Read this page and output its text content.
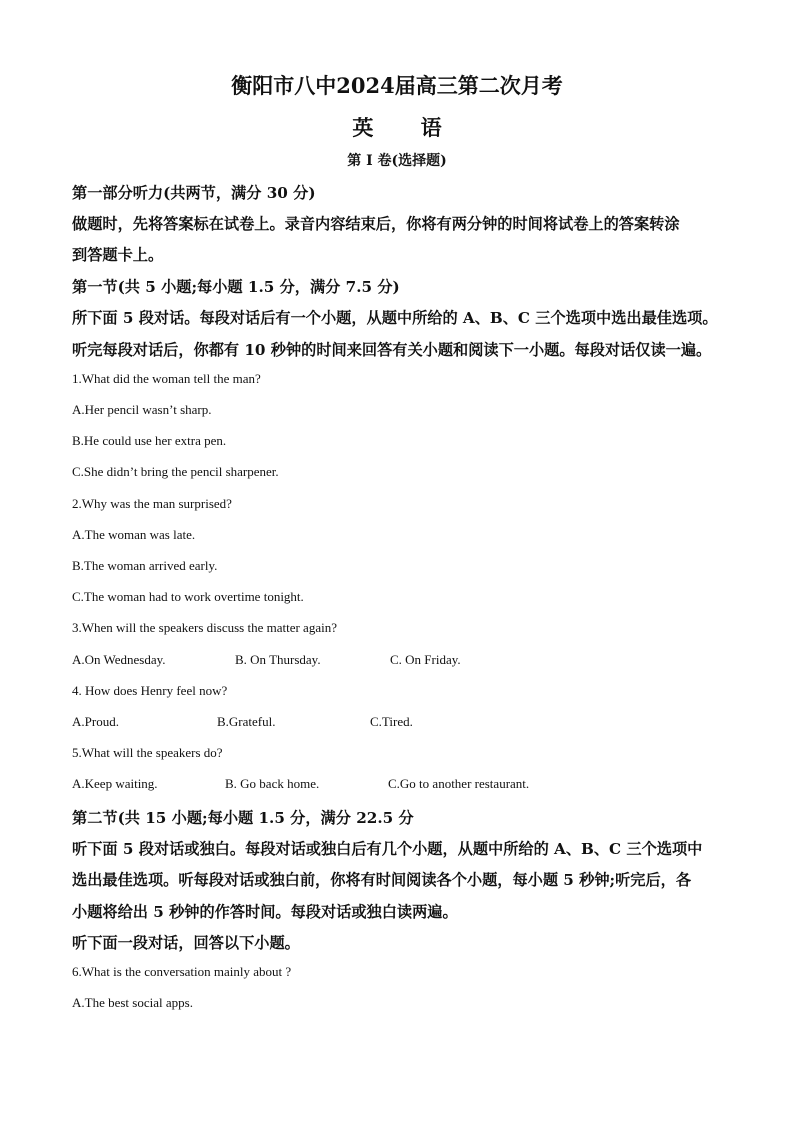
衡阳市八中2024届高三第二次月考
英 语
第 I 卷(选择题)
第一部分听力(共两节，满分 30 分)
做题时，先将答案标在试卷上。录音内容结束后，你将有两分钟的时间将试卷上的答案转涂
到答题卡上。
第一节(共 5 小题;每小题 1.5 分，满分 7.5 分)
所下面 5 段对话。每段对话后有一个小题，从题中所给的 A、B、C 三个选项中选出最佳选项。
听完每段对话后，你都有 10 秒钟的时间来回答有关小题和阅读下一小题。每段对话仅读一遍。
1.What did the woman tell the man?
A.Her pencil wasn’t sharp.
B.He could use her extra pen.
C.She didn’t bring the pencil sharpener.
2.Why was the man surprised?
A.The woman was late.
B.The woman arrived early.
C.The woman had to work overtime tonight.
3.When will the speakers discuss the matter again?
A.On Wednesday.	B. On Thursday.	C. On Friday.
4. How does Henry feel now?
A.Proud.	B.Grateful.	C.Tired.
5.What will the speakers do?
A.Keep waiting.	B. Go back home.	C.Go to another restaurant.
第二节(共 15 小题;每小题 1.5 分，满分 22.5 分
听下面 5 段对话或独白。每段对话或独白后有几个小题，从题中所给的 A、B、C 三个选项中
选出最佳选项。听每段对话或独白前，你将有时间阅读各个小题，每小题 5 秒钟;听完后，各
小题将给出 5 秒钟的作答时间。每段对话或独白读两遍。
听下面一段对话，回答以下小题。
6.What is the conversation mainly about ?
A.The best social apps.
